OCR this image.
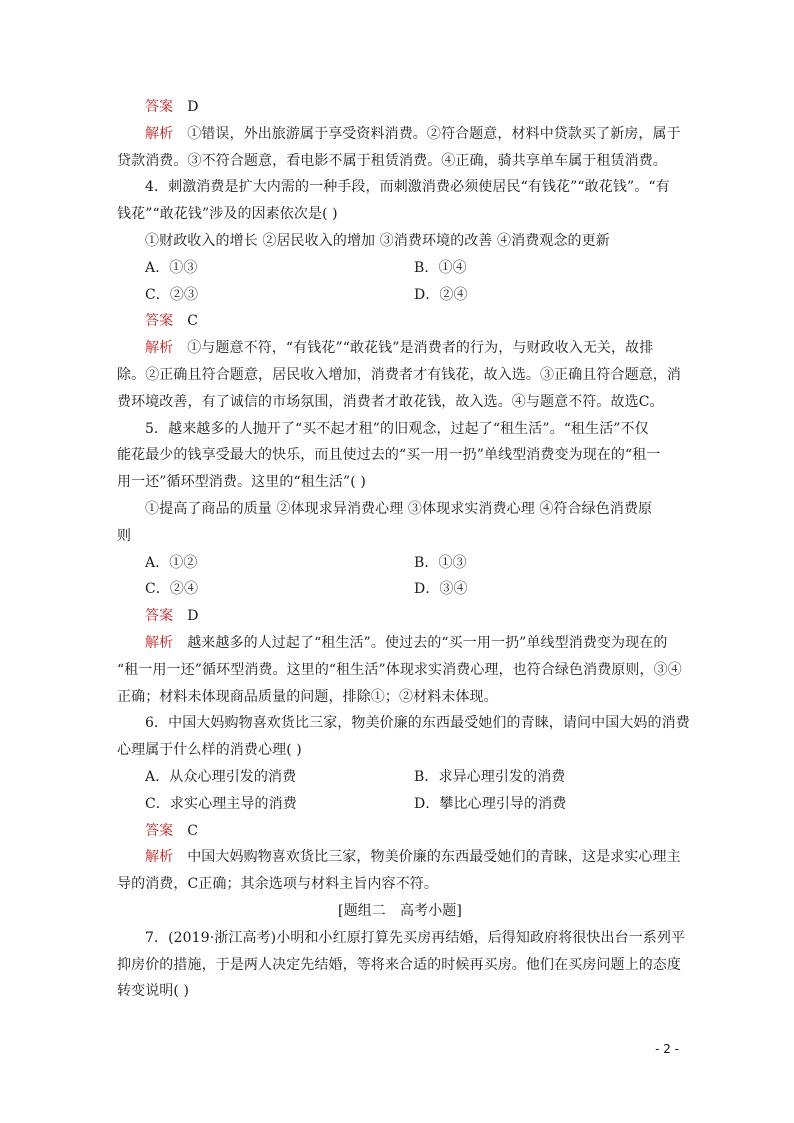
答案 D
解析 ①错误，外出旅游属于享受资料消费。②符合题意，材料中贷款买了新房，属于
贷款消费。③不符合题意，看电影不属于租赁消费。④正确，骑共享单车属于租赁消费。
4．刺激消费是扩大内需的一种手段，而刺激消费必须使居民“有钱花”“敢花钱”。“有
钱花”“敢花钱”涉及的因素依次是( )
①财政收入的增长 ②居民收入的增加 ③消费环境的改善 ④消费观念的更新
A．①③	B．①④
C．②③	D．②④
答案 C
解析 ①与题意不符，“有钱花”“敢花钱”是消费者的行为，与财政收入无关，故排
除。②正确且符合题意，居民收入增加，消费者才有钱花，故入选。③正确且符合题意，消
费环境改善，有了诚信的市场氛围，消费者才敢花钱，故入选。④与题意不符。故选C。
5．越来越多的人抛开了“买不起才租”的旧观念，过起了“租生活”。“租生活”不仅
能花最少的钱享受最大的快乐，而且使过去的“买一用一扔”单线型消费变为现在的“租一
用一还”循环型消费。这里的“租生活”( )
①提高了商品的质量 ②体现求异消费心理 ③体现求实消费心理 ④符合绿色消费原
则
A．①②	B．①③
C．②④	D．③④
答案 D
解析 越来越多的人过起了“租生活”。使过去的“买一用一扔”单线型消费变为现在的
“租一用一还”循环型消费。这里的“租生活”体现求实消费心理，也符合绿色消费原则，③④
正确；材料未体现商品质量的问题，排除①；②材料未体现。
6．中国大妈购物喜欢货比三家，物美价廉的东西最受她们的青睐，请问中国大妈的消费
心理属于什么样的消费心理( )
A．从众心理引发的消费	B．求异心理引发的消费
C．求实心理主导的消费	D．攀比心理引导的消费
答案 C
解析 中国大妈购物喜欢货比三家，物美价廉的东西最受她们的青睐，这是求实心理主
导的消费，C正确；其余选项与材料主旨内容不符。
[题组二　高考小题]
7．(2019·浙江高考)小明和小红原打算先买房再结婚，后得知政府将很快出台一系列平
抑房价的措施，于是两人决定先结婚，等将来合适的时候再买房。他们在买房问题上的态度
转变说明( )
- 2 -
